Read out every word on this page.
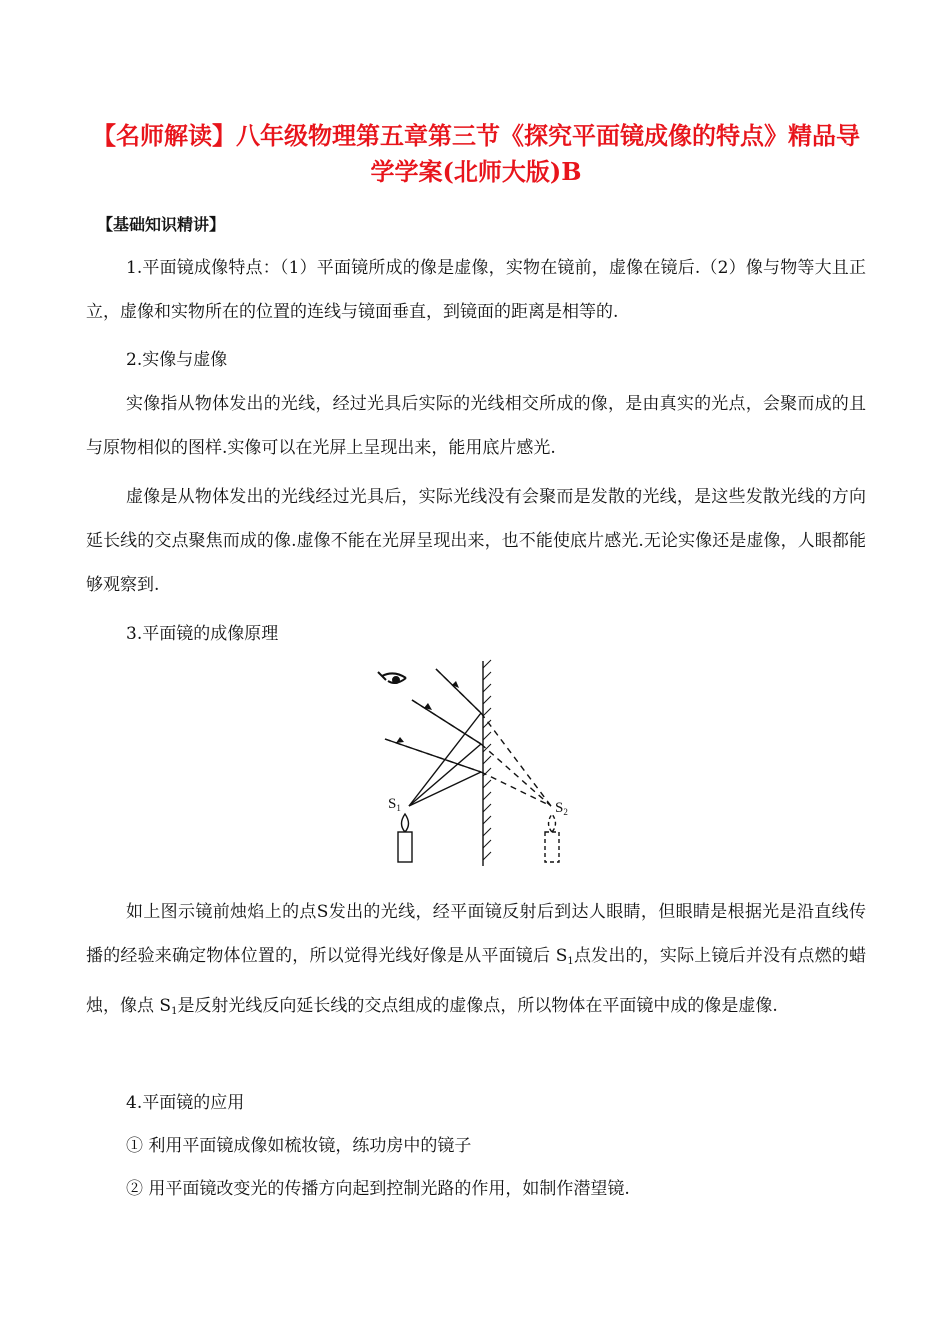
【名师解读】八年级物理第五章第三节《探究平面镜成像的特点》精品导学学案(北师大版)B
【基础知识精讲】

1.平面镜成像特点：（1）平面镜所成的像是虚像，实物在镜前，虚像在镜后.（2）像与物等大且正立，虚像和实物所在的位置的连线与镜面垂直，到镜面的距离是相等的.

2.实像与虚像

实像指从物体发出的光线，经过光具后实际的光线相交所成的像，是由真实的光点，会聚而成的且与原物相似的图样.实像可以在光屏上呈现出来，能用底片感光.

虚像是从物体发出的光线经过光具后，实际光线没有会聚而是发散的光线，是这些发散光线的方向延长线的交点聚焦而成的像.虚像不能在光屏呈现出来，也不能使底片感光.无论实像还是虚像，人眼都能够观察到.

3.平面镜的成像原理

$S_1$	$S_2$

如上图示镜前烛焰上的点S发出的光线，经平面镜反射后到达人眼睛，但眼睛是根据光是沿直线传播的经验来确定物体位置的，所以觉得光线好像是从平面镜后 $S_1$点发出的，实际上镜后并没有点燃的蜡烛，像点 $S_1$是反射光线反向延长线的交点组成的虚像点，所以物体在平面镜中成的像是虚像.

4.平面镜的应用

① 利用平面镜成像如梳妆镜，练功房中的镜子

② 用平面镜改变光的传播方向起到控制光路的作用，如制作潜望镜.
